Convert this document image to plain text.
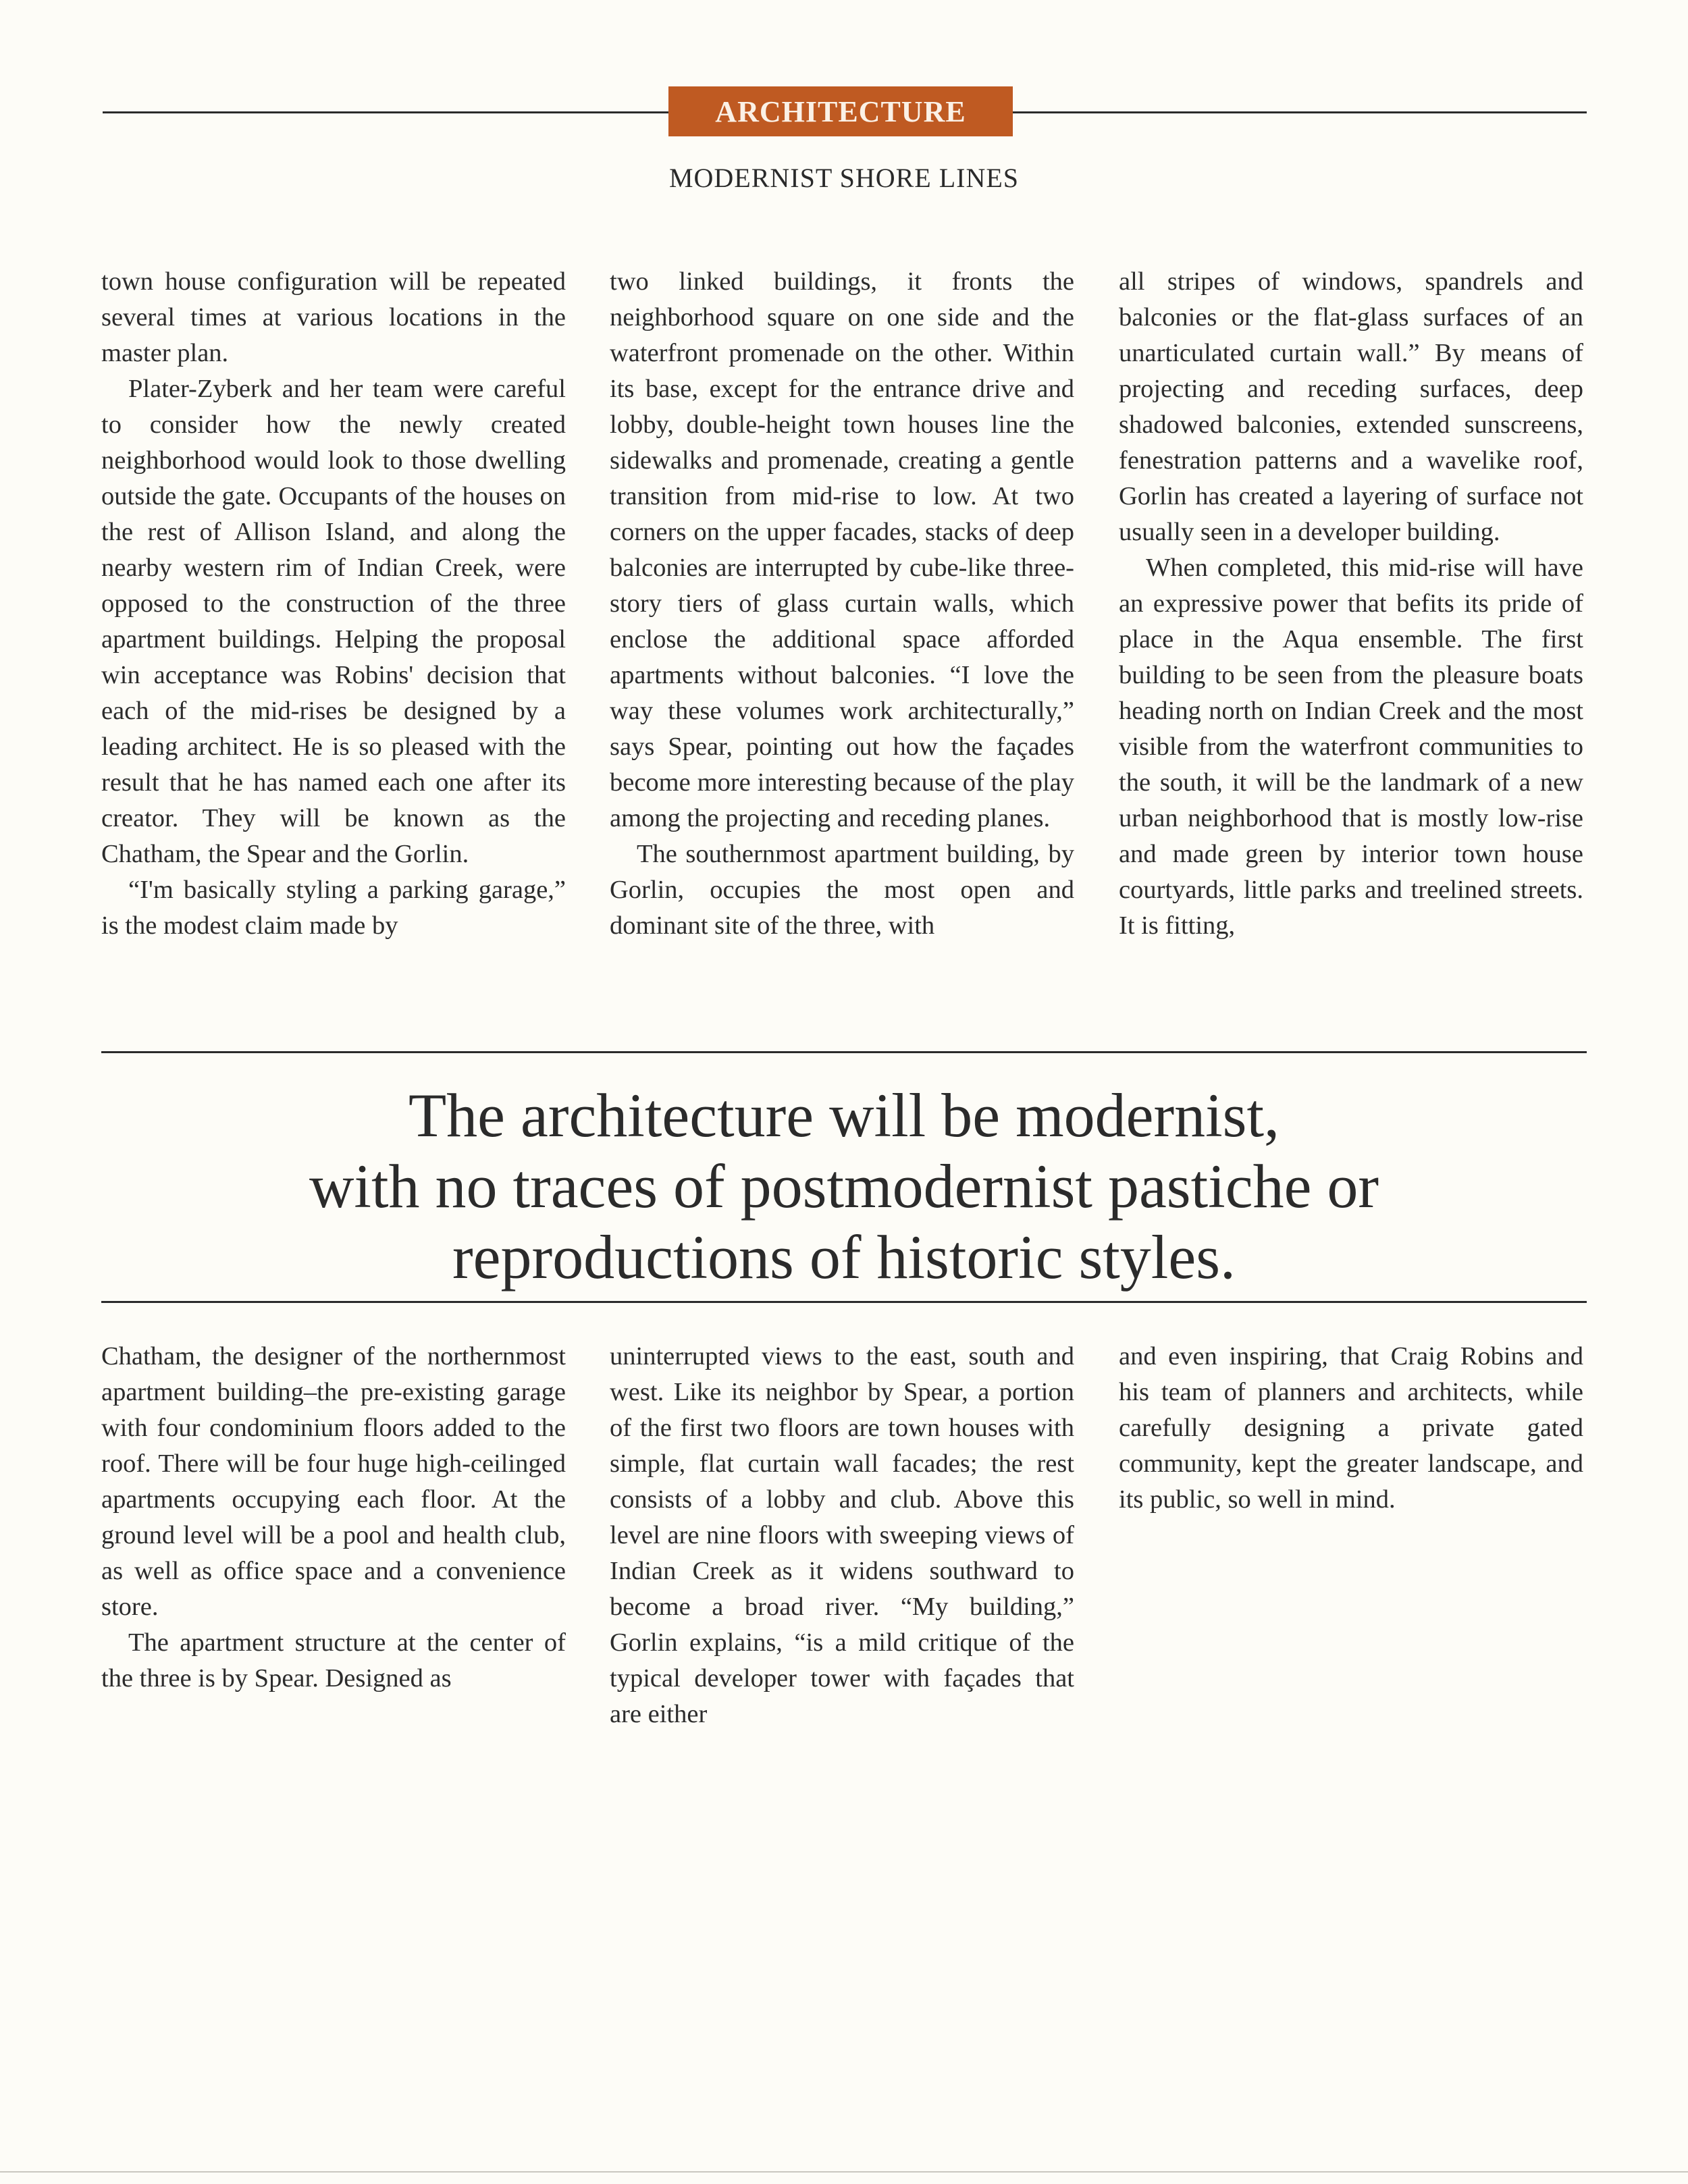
ARCHITECTURE
MODERNIST SHORE LINES

town house configuration will be repeated several times at various locations in the master plan.

Plater-Zyberk and her team were careful to consider how the newly created neighborhood would look to those dwelling outside the gate. Occupants of the houses on the rest of Allison Island, and along the nearby western rim of Indian Creek, were opposed to the construction of the three apartment buildings. Helping the proposal win acceptance was Robins' decision that each of the mid-rises be designed by a leading architect. He is so pleased with the result that he has named each one after its creator. They will be known as the Chatham, the Spear and the Gorlin.

“I'm basically styling a parking garage,” is the modest claim made by

two linked buildings, it fronts the neighborhood square on one side and the waterfront promenade on the other. Within its base, except for the entrance drive and lobby, double-height town houses line the sidewalks and promenade, creating a gentle transition from mid-rise to low. At two corners on the upper facades, stacks of deep balconies are interrupted by cube-like three-story tiers of glass curtain walls, which enclose the additional space afforded apartments without balconies. “I love the way these volumes work architecturally,” says Spear, pointing out how the façades become more interesting because of the play among the projecting and receding planes.

The southernmost apartment building, by Gorlin, occupies the most open and dominant site of the three, with

all stripes of windows, spandrels and balconies or the flat-glass surfaces of an unarticulated curtain wall.” By means of projecting and receding surfaces, deep shadowed balconies, extended sunscreens, fenestration patterns and a wavelike roof, Gorlin has created a layering of surface not usually seen in a developer building.

When completed, this mid-rise will have an expressive power that befits its pride of place in the Aqua ensemble. The first building to be seen from the pleasure boats heading north on Indian Creek and the most visible from the waterfront communities to the south, it will be the landmark of a new urban neighborhood that is mostly low-rise and made green by interior town house courtyards, little parks and treelined streets. It is fitting,

The architecture will be modernist,
with no traces of postmodernist pastiche or
reproductions of historic styles.

Chatham, the designer of the northernmost apartment building–the pre-existing garage with four condominium floors added to the roof. There will be four huge high-ceilinged apartments occupying each floor. At the ground level will be a pool and health club, as well as office space and a convenience store.

The apartment structure at the center of the three is by Spear. Designed as

uninterrupted views to the east, south and west. Like its neighbor by Spear, a portion of the first two floors are town houses with simple, flat curtain wall facades; the rest consists of a lobby and club. Above this level are nine floors with sweeping views of Indian Creek as it widens southward to become a broad river. “My building,” Gorlin explains, “is a mild critique of the typical developer tower with façades that are either

and even inspiring, that Craig Robins and his team of planners and architects, while carefully designing a private gated community, kept the greater landscape, and its public, so well in mind.
